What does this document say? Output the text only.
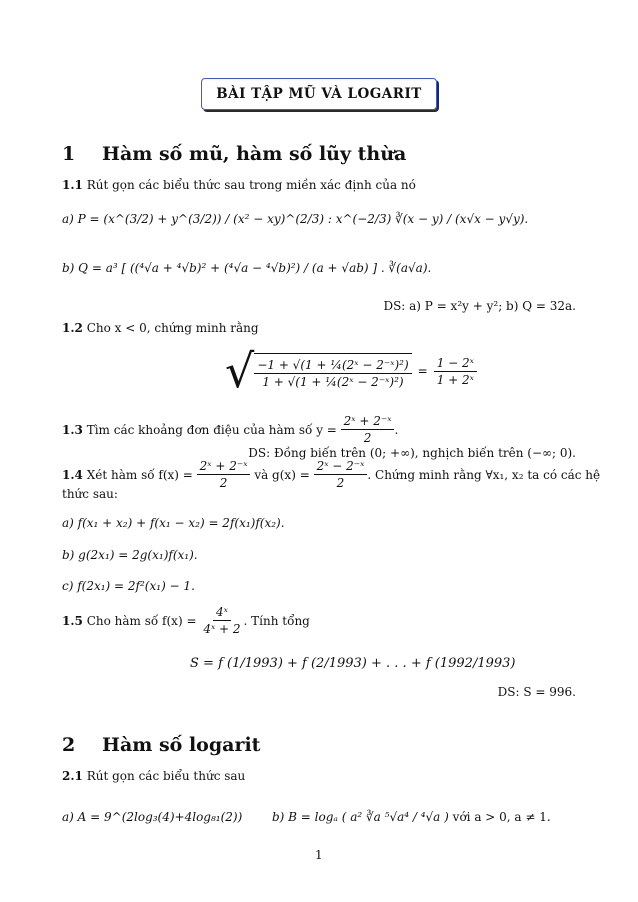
BÀI TẬP MŨ VÀ LOGARIT
1 Hàm số mũ, hàm số lũy thừa
1.1 Rút gọn các biểu thức sau trong miền xác định của nó
a) P = (x^(3/2) + y^(3/2)) / (x² − xy)^(2/3) : x^(−2/3) ∛(x − y) / (x√x − y√y).
b) Q = a³ [ ((⁴√a + ⁴√b)² + (⁴√a − ⁴√b)²) / (a + √ab) ] . ∛(a√a).
DS: a) P = x²y + y²; b) Q = 32a.
1.2 Cho x < 0, chứng minh rằng
√ $\frac{\text{−1 + √(1 + ¼(2ˣ − 2⁻ˣ)²)}}{\text{1 + √(1 + ¼(2ˣ − 2⁻ˣ)²)}} = \frac{\text{1 − 2ˣ}}{\text{1 + 2ˣ}}$
1.3
Tìm các khoảng đơn điệu của hàm số y =
$\frac{\text{2ˣ + 2⁻ˣ}}{2}$ .
DS: Đồng biến trên (0; +∞), nghịch biến trên (−∞; 0).
1.4
Xét hàm số f(x) =
$\frac{\text{2ˣ + 2⁻ˣ}}{2}$
và g(x) =
$\frac{\text{2ˣ − 2⁻ˣ}}{2}$ . Chứng minh rằng ∀x₁, x₂ ta có các hệ
thức sau:
a) f(x₁ + x₂) + f(x₁ − x₂) = 2f(x₁)f(x₂).
b) g(2x₁) = 2g(x₁)f(x₁).
c) f(2x₁) = 2f²(x₁) − 1.
1.5
Cho hàm số f(x) =
$\frac{\text{4ˣ}}{\text{4ˣ + 2}}$ . Tính tổng
S = f (1/1993) + f (2/1993) + . . . + f (1992/1993)
DS: S = 996.
2 Hàm số logarit
2.1 Rút gọn các biểu thức sau
a) A = 9^(2log₃(4)+4log₈₁(2)) b) B = logₐ ( a² ∛a ⁵√a⁴ / ⁴√a ) với a > 0, a ≠ 1.
1
